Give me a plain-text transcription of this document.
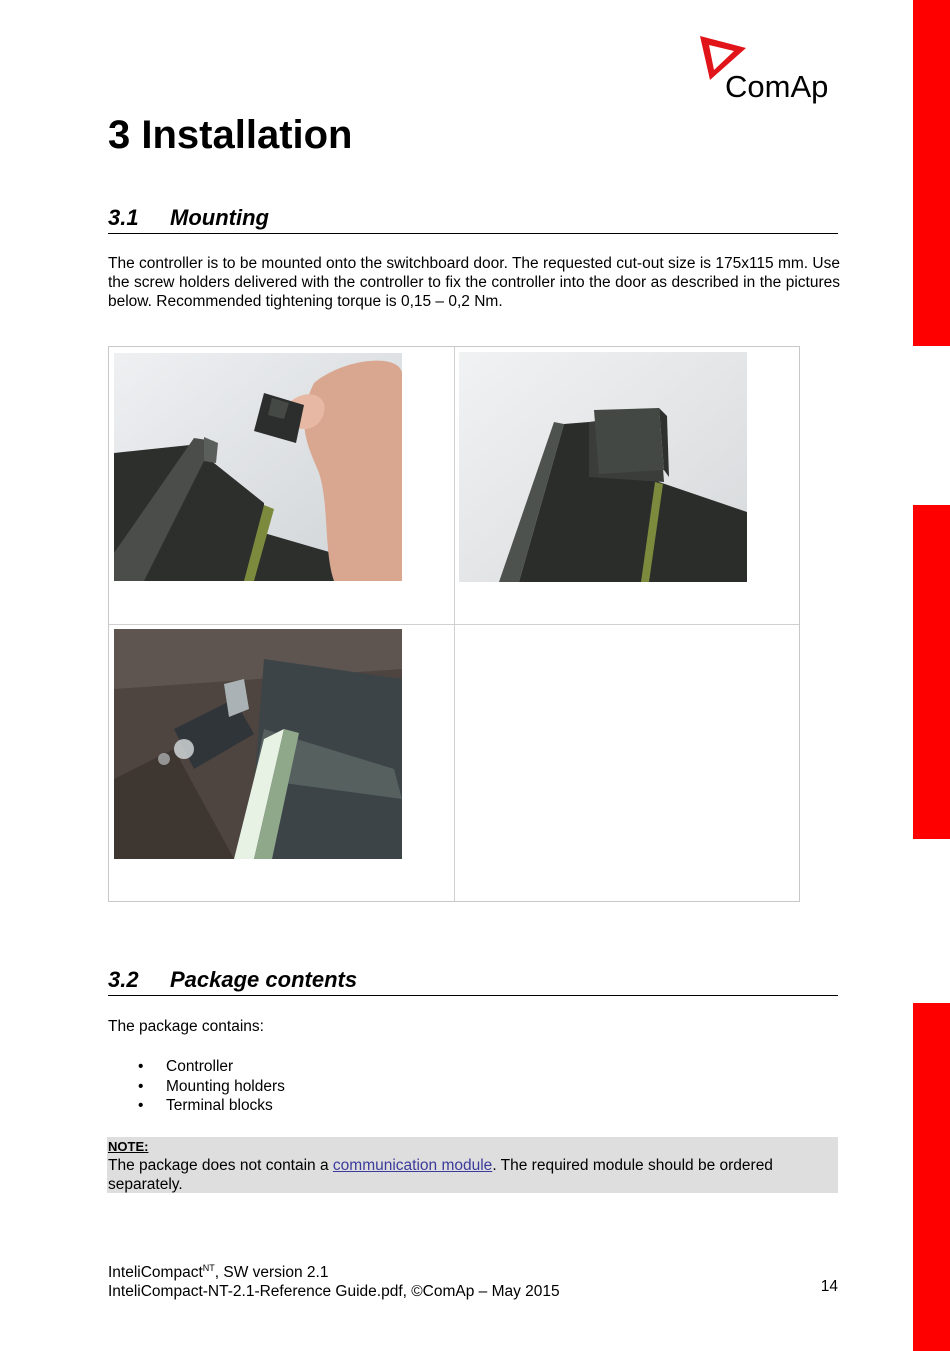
ComAp
3 Installation
3.1 Mounting

The controller is to be mounted onto the switchboard door. The requested cut-out size is 175x115 mm. Use the screw holders delivered with the controller to fix the controller into the door as described in the pictures below. Recommended tightening torque is 0,15 – 0,2 Nm.

3.2 Package contents

The package contains:

• Controller
• Mounting holders
• Terminal blocks
NOTE:

The package does not contain a communication module. The required module should be ordered separately.

InteliCompact$^{NT}$, SW version 2.1
InteliCompact-NT-2.1-Reference Guide.pdf, ©ComAp – May 2015	14
